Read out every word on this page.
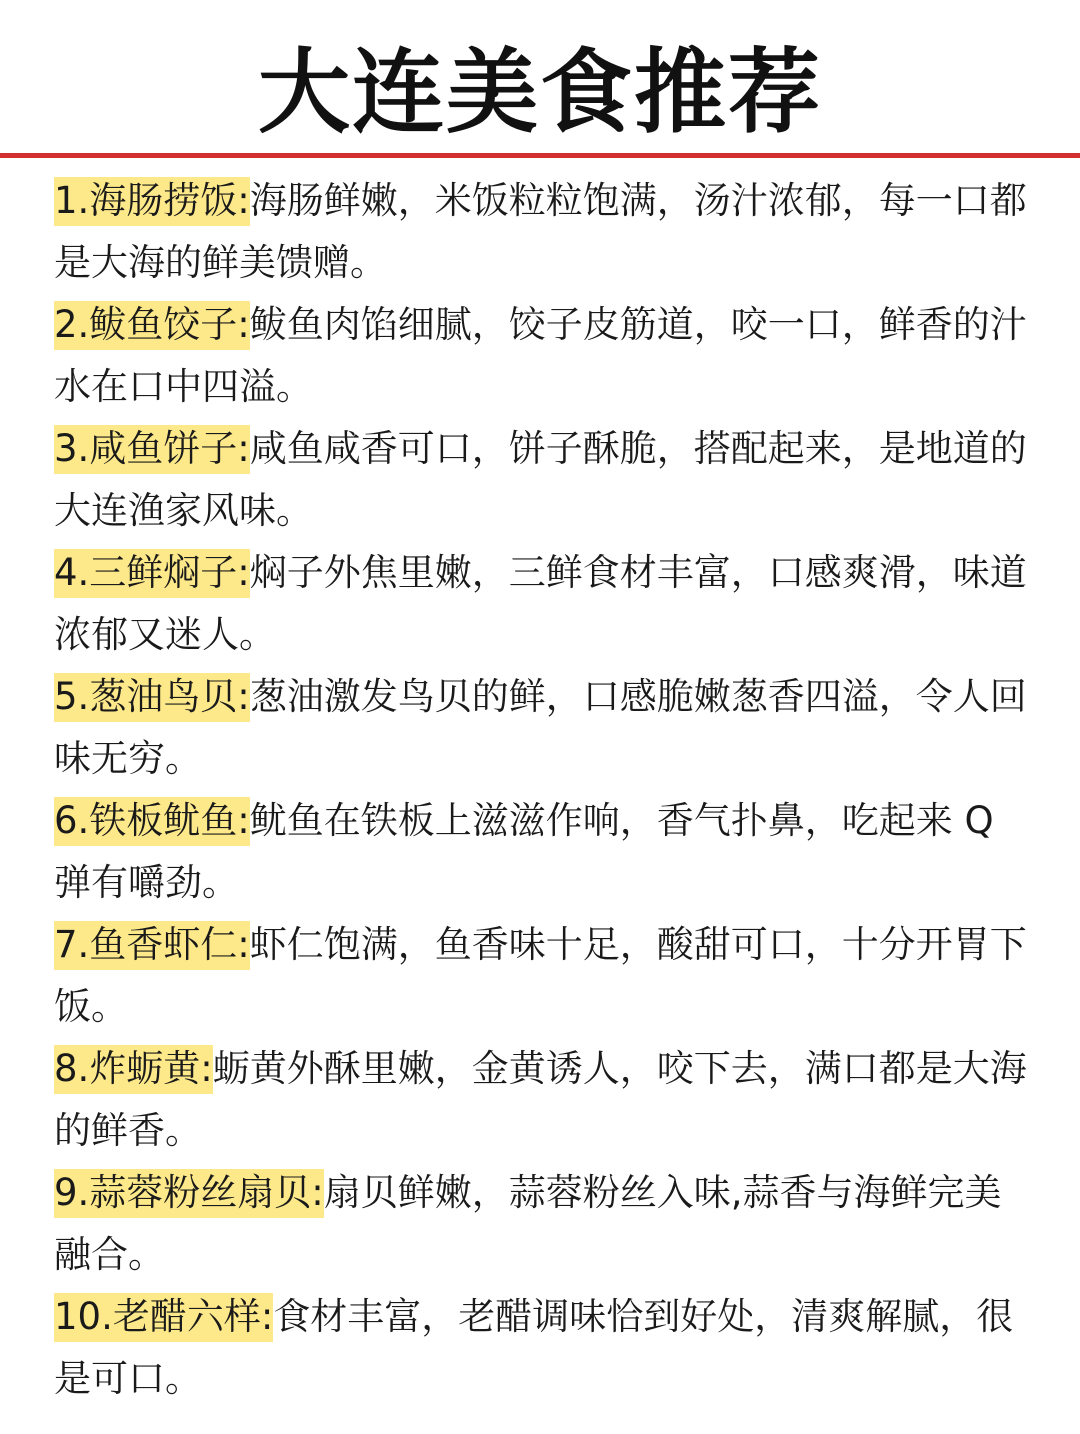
大连美食推荐

1.海肠捞饭:海肠鲜嫩，米饭粒粒饱满，汤汁浓郁，每一口都是大海的鲜美馈赠。

2.鲅鱼饺子:鲅鱼肉馅细腻，饺子皮筋道，咬一口，鲜香的汁水在口中四溢。

3.咸鱼饼子:咸鱼咸香可口，饼子酥脆，搭配起来，是地道的大连渔家风味。

4.三鲜焖子:焖子外焦里嫩，三鲜食材丰富，口感爽滑，味道浓郁又迷人。

5.葱油鸟贝:葱油激发鸟贝的鲜，口感脆嫩葱香四溢，令人回味无穷。

6.铁板鱿鱼:鱿鱼在铁板上滋滋作响，香气扑鼻，吃起来 Q 弹有嚼劲。

7.鱼香虾仁:虾仁饱满，鱼香味十足，酸甜可口，十分开胃下饭。

8.炸蛎黄:蛎黄外酥里嫩，金黄诱人，咬下去，满口都是大海的鲜香。

9.蒜蓉粉丝扇贝:扇贝鲜嫩，蒜蓉粉丝入味,蒜香与海鲜完美融合。

10.老醋六样:食材丰富，老醋调味恰到好处，清爽解腻，很是可口。
